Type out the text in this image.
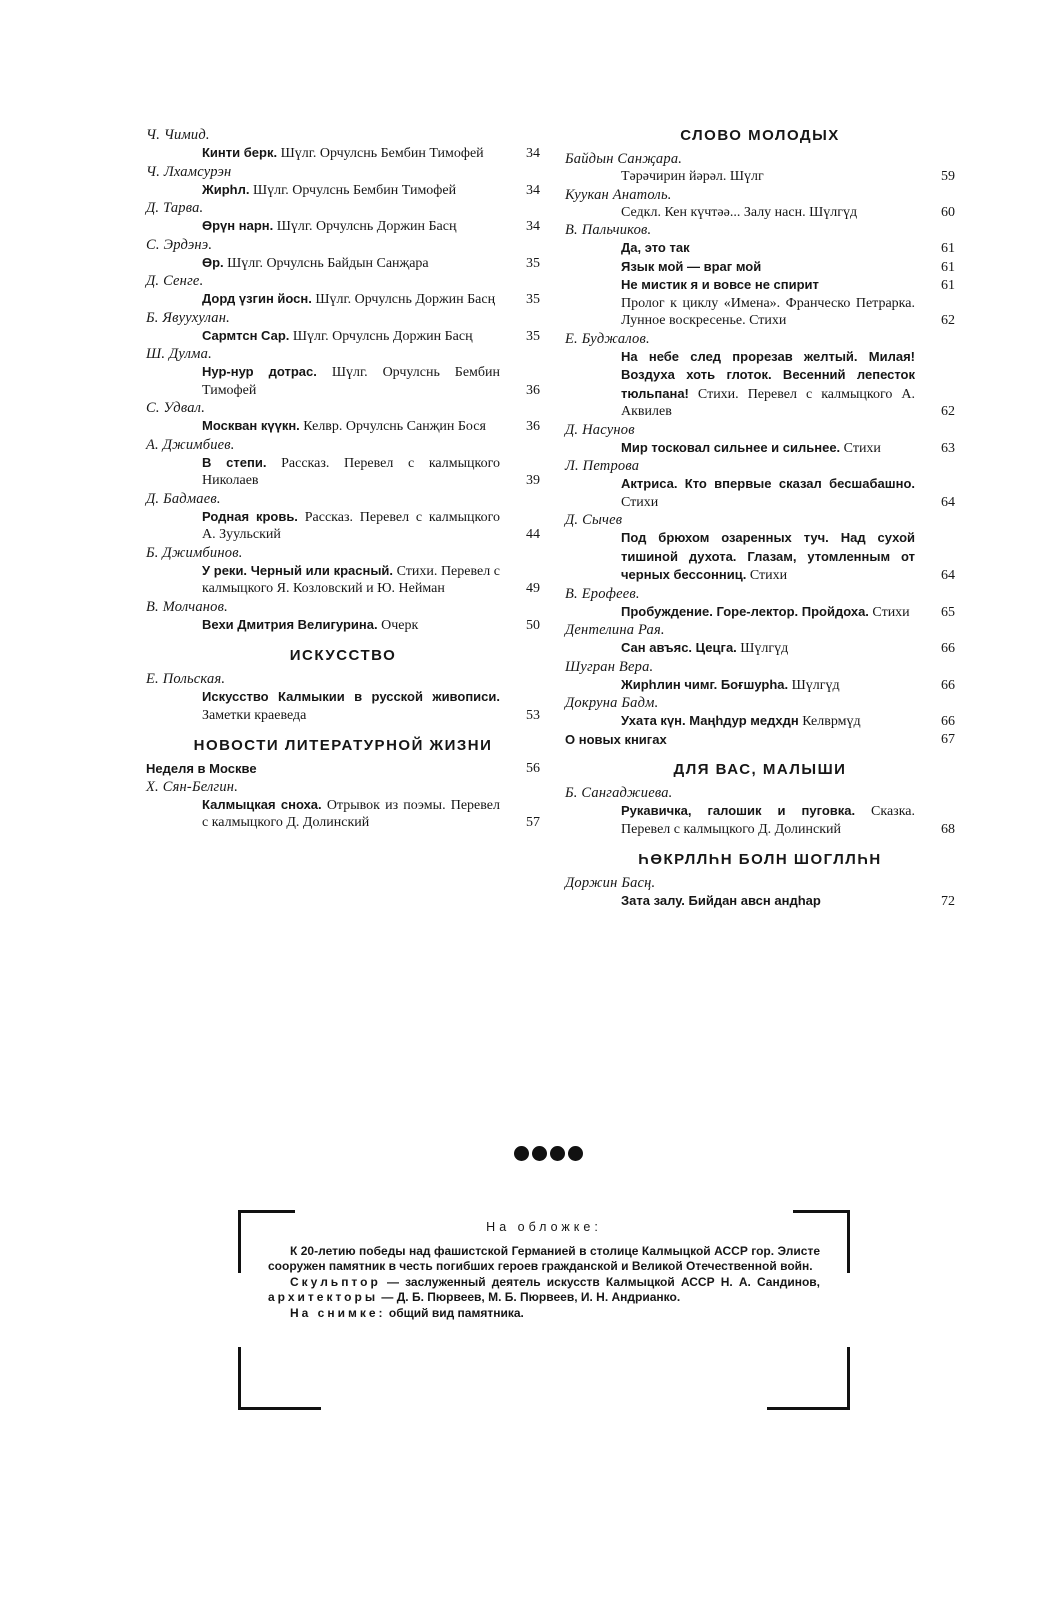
Ч. Чимид.
Кинти берк. Шүлг. Орчулснь Бембин Тимофей	34
Ч. Лхамсурэн
Жирһл. Шүлг. Орчулснь Бембин Тимофей	34
Д. Тарва.
Өрүн нарн. Шүлг. Орчулснь Доржин Басң	34
С. Эрдэнэ.
Өр. Шүлг. Орчулснь Байдын Санҗара	35
Д. Сенге.
Дорд үзгин йосн. Шүлг. Орчулснь Доржин Басң	35
Б. Явуухулан.
Сармтсн Сар. Шүлг. Орчулснь Доржин Басң	35
Ш. Дулма.
Нур-нур дотрас. Шүлг. Орчулснь Бембин Тимофей	36
С. Удвал.
Москван күүкн. Келвр. Орчулснь Санҗин Бося	36
А. Джимбиев.
В степи. Рассказ. Перевел с калмыцкого Николаев	39
Д. Бадмаев.
Родная кровь. Рассказ. Перевел с калмыцкого А. Зуульский	44
Б. Джимбинов.
У реки. Черный или красный. Стихи. Перевел с калмыцкого Я. Козловский и Ю. Нейман	49
В. Молчанов.
Вехи Дмитрия Велигурина. Очерк	50
ИСКУССТВО
Е. Польская.
Искусство Калмыкии в русской живописи. Заметки краеведа	53
НОВОСТИ ЛИТЕРАТУРНОЙ ЖИЗНИ
Неделя в Москве	56
Х. Сян-Белгин.
Калмыцкая сноха. Отрывок из поэмы. Перевел с калмыцкого Д. Долинский	57
СЛОВО МОЛОДЫХ
Байдын Санҗара.
Тәрәчирин йәрәл. Шүлг	59
Куукан Анатоль.
Седкл. Кен күчтәә... Залу насн. Шүлгүд	60
В. Пальчиков.
Да, это так	61
Язык мой — враг мой	61
Не мистик я и вовсе не спирит	61
Пролог к циклу «Имена». Франческо Петрарка. Лунное воскресенье. Стихи	62
Е. Буджалов.
На небе след прорезав желтый. Милая! Воздуха хоть глоток. Весенний лепесток тюльпана! Стихи. Перевел с калмыцкого А. Аквилев	62
Д. Насунов
Мир тосковал сильнее и сильнее. Стихи	63
Л. Петрова
Актриса. Кто впервые сказал бесшабашно. Стихи	64
Д. Сычев
Под брюхом озаренных туч. Над сухой тишиной духота. Глазам, утомленным от черных бессонниц. Стихи	64
В. Ерофеев.
Пробуждение. Горе-лектор. Пройдоха. Стихи	65
Дентелина Рая.
Сан авъяс. Цецга. Шүлгүд	66
Шугран Вера.
Жирһлин чимг. Боғшурһа. Шүлгүд	66
Докруна Бадм.
Ухата күн. Маңһдур медхдн Келврмүд	66
О новых книгах	67
ДЛЯ ВАС, МАЛЫШИ
Б. Сангаджиева.
Рукавичка, галошик и пуговка. Сказка. Перевел с калмыцкого Д. Долинский	68
ҺӨКРЛЛҺН БОЛН ШОГЛЛҺН
Доржин Басң.
Зата залу. Бийдан авсн андһар	72
На обложке:

К 20-летию победы над фашистской Германией в столице Калмыцкой АССР гор. Элисте сооружен памятник в честь погибших героев гражданской и Великой Отечественной войн.

Скульптор — заслуженный деятель искусств Калмыцкой АССР Н. А. Сандинов, архитекторы — Д. Б. Пюрвеев, М. Б. Пюрвеев, И. Н. Андрианко.

На снимке: общий вид памятника.
